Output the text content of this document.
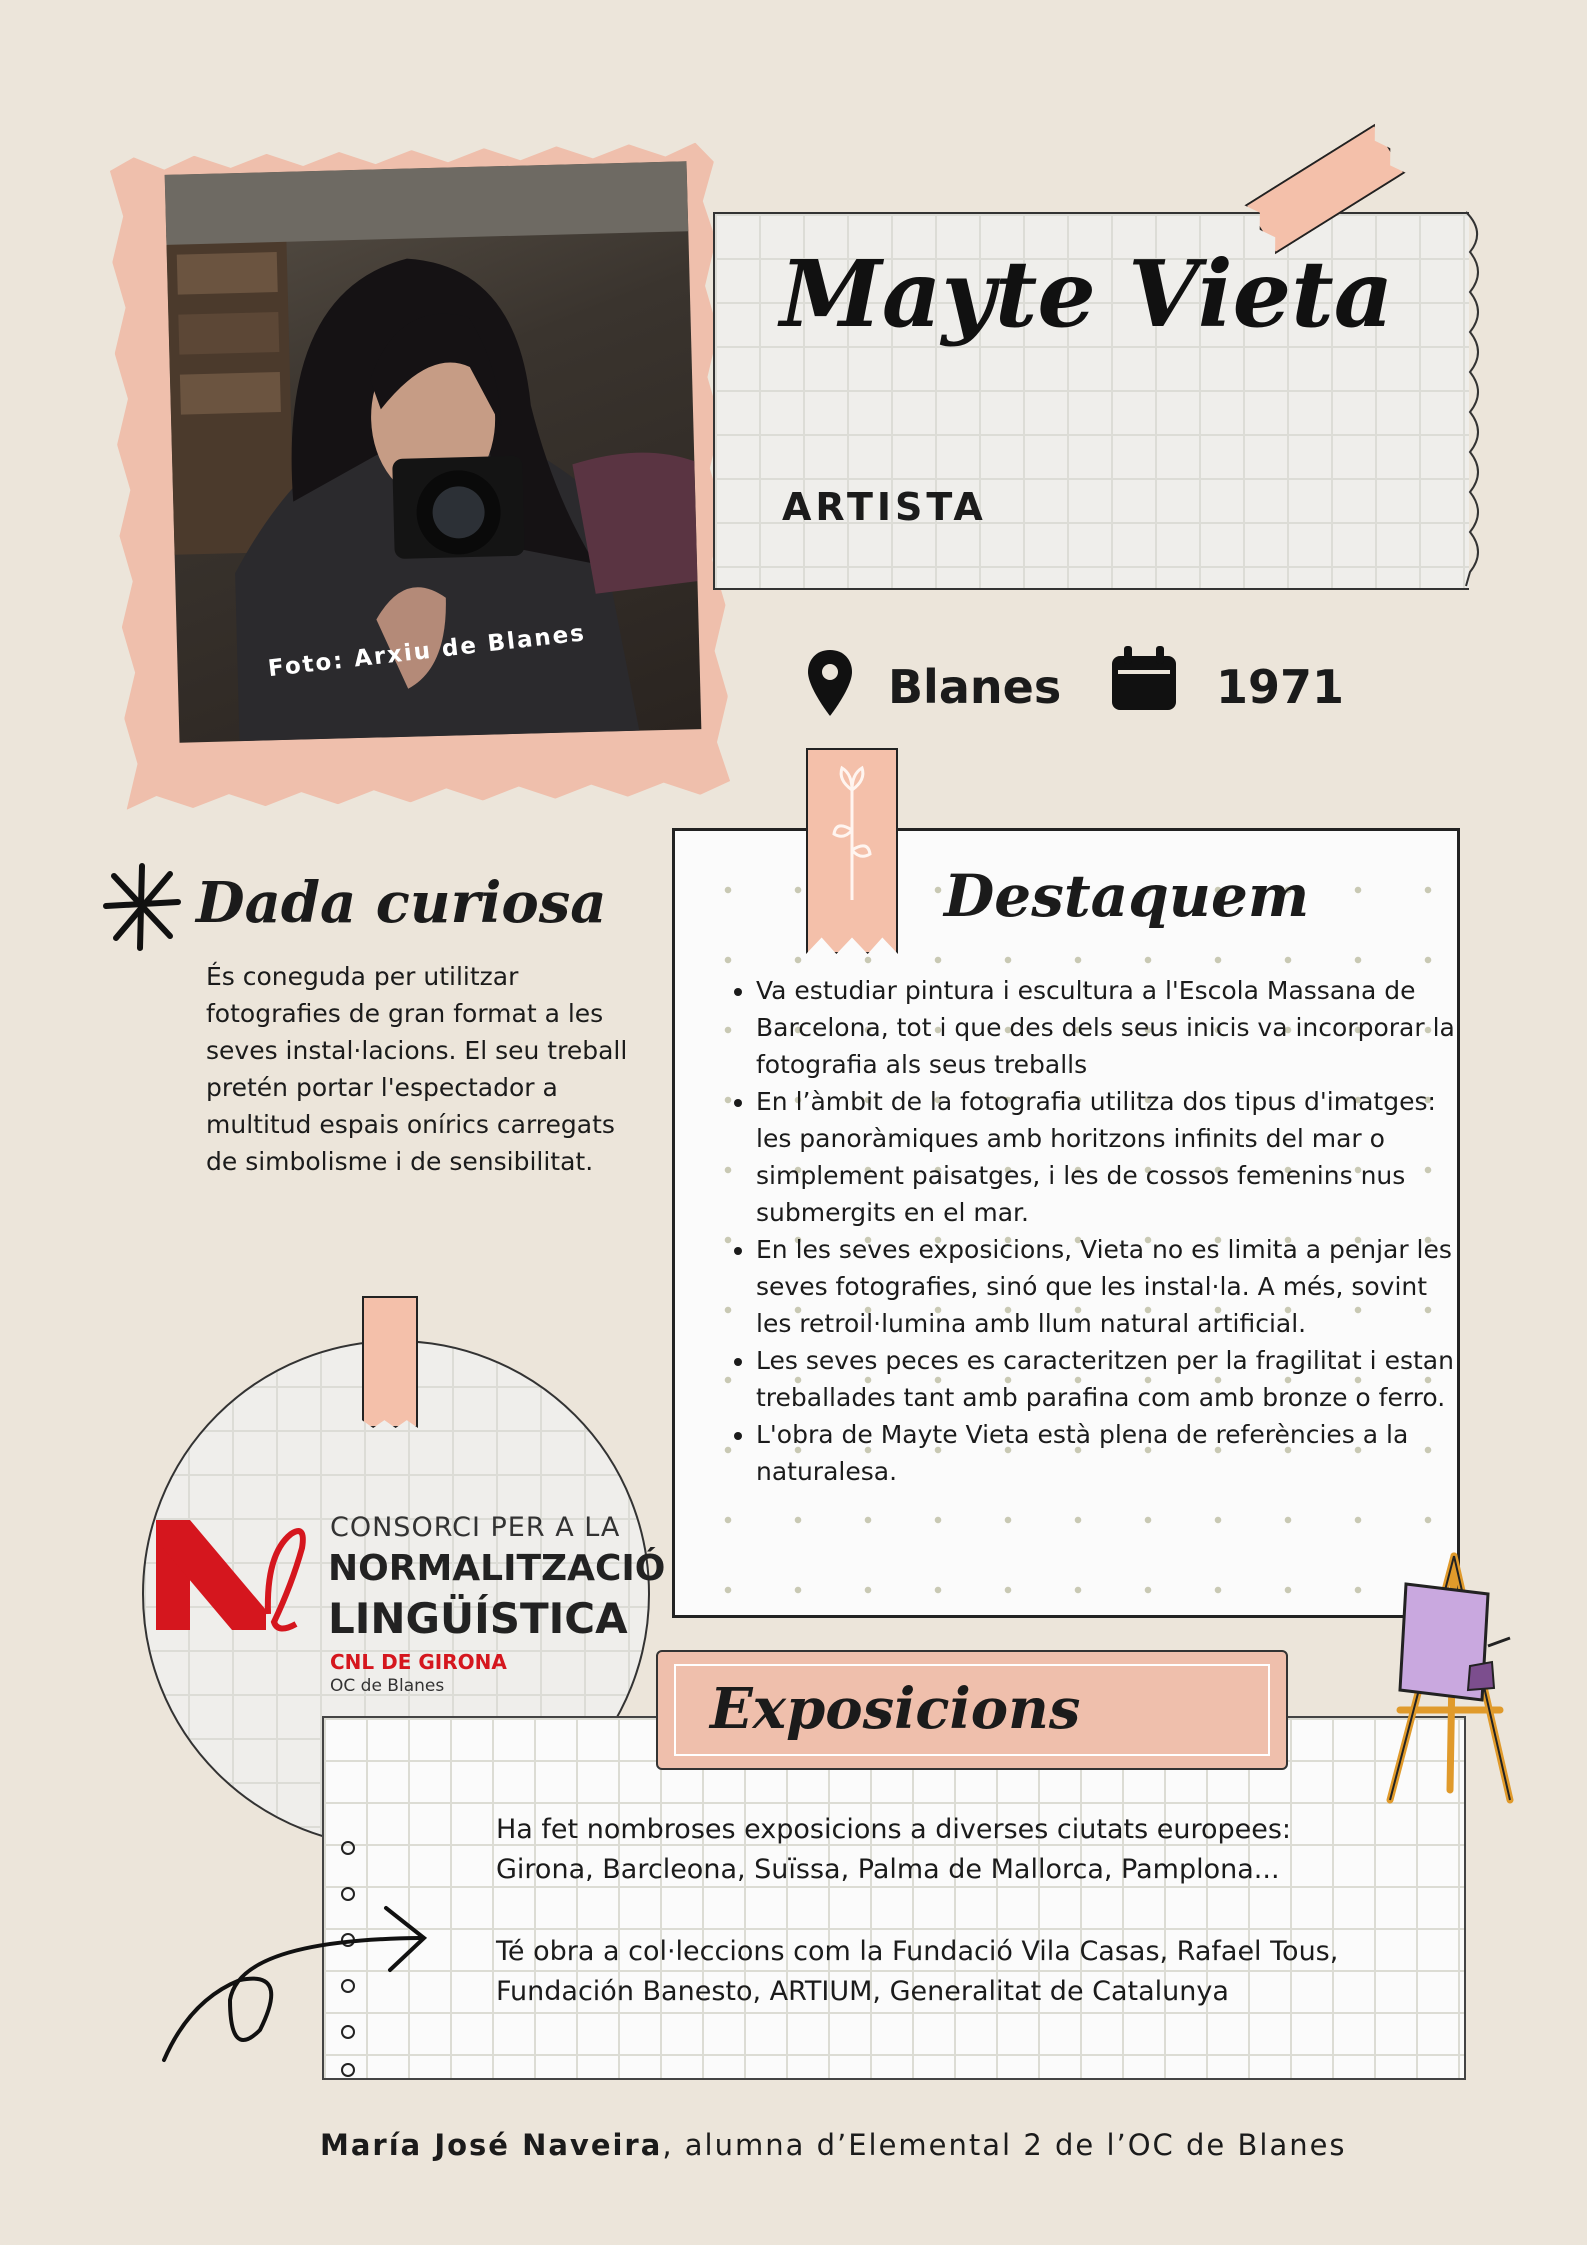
Foto: Arxiu de Blanes
Mayte Vieta
ARTISTA
Blanes	1971
Dada curiosa
És coneguda per utilitzar fotografies de gran format a les seves instal·lacions. El seu treball pretén portar l'espectador a multitud espais onírics carregats de simbolisme i de sensibilitat.
Destaquem
• Va estudiar pintura i escultura a l'Escola Massana de Barcelona, tot i que des dels seus inicis va incorporar la fotografia als seus treballs
• En l’àmbit de la fotografia utilitza dos tipus d'imatges: les panoràmiques amb horitzons infinits del mar o simplement paisatges, i les de cossos femenins nus submergits en el mar.
• En les seves exposicions, Vieta no es limita a penjar les seves fotografies, sinó que les instal·la. A més, sovint les retroil·lumina amb llum natural artificial.
• Les seves peces es caracteritzen per la fragilitat i estan treballades tant amb parafina com amb bronze o ferro.
• L'obra de Mayte Vieta està plena de referències a la naturalesa.
CONSORCI PER A LA
NORMALITZACIÓ
LINGÜÍSTICA
CNL DE GIRONA
OC de Blanes	Exposicions
Ha fet nombroses exposicions a diverses ciutats europees: Girona, Barcleona, Suïssa, Palma de Mallorca, Pamplona...
Té obra a col·leccions com la Fundació Vila Casas, Rafael Tous, Fundación Banesto, ARTIUM, Generalitat de Catalunya
María José Naveira, alumna d’Elemental 2 de l’OC de Blanes
